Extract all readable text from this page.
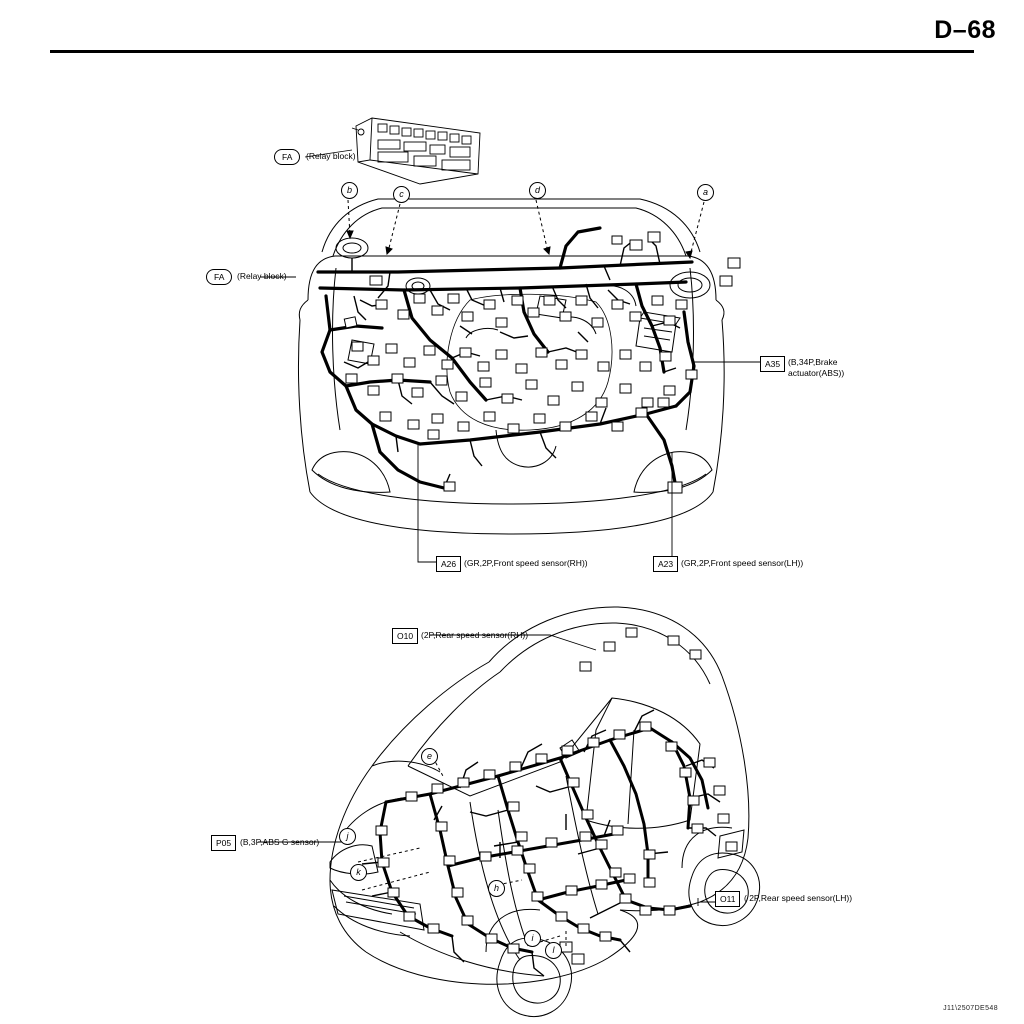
D–68
FA	(Relay block)
FA	(Relay block)
A35 (B,34P,Brake actuator(ABS))
A26 (GR,2P,Front speed sensor(RH))	A23 (GR,2P,Front speed sensor(LH))
b	c	d	a
O10 (2P,Rear speed sensor(RH))
P05	(B,3P,ABS G sensor)
O11	( 2P,Rear speed sensor(LH))
e
j
k
h
i
l
J11\2507DE548
